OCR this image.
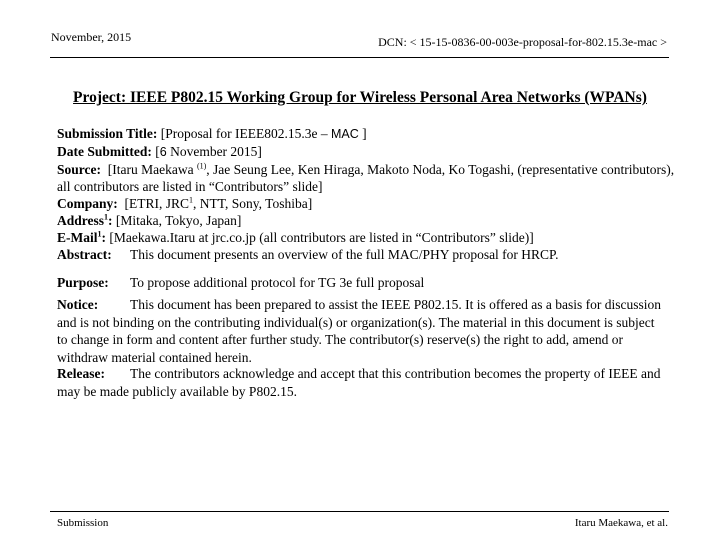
November, 2015	DCN: < 15-15-0836-00-003e-proposal-for-802.15.3e-mac >
Project: IEEE P802.15 Working Group for Wireless Personal Area Networks (WPANs)

Submission Title: [Proposal for IEEE802.15.3e – MAC ]

Date Submitted: [6 November 2015]

Source: [Itaru Maekawa $^{(1)}$, Jae Seung Lee, Ken Hiraga, Makoto Noda, Ko Togashi, (representative contributors), all contributors are listed in “Contributors” slide]

Company: [ETRI, JRC$^1$, NTT, Sony, Toshiba]

Address$^1$: [Mitaka, Tokyo, Japan]

E-Mail$^1$: [Maekawa.Itaru at jrc.co.jp (all contributors are listed in “Contributors” slide)]

Abstract: This document presents an overview of the full MAC/PHY proposal for HRCP.
Purpose: To propose additional protocol for TG 3e full proposal
Notice: This document has been prepared to assist the IEEE P802.15. It is offered as a basis for discussion and is not binding on the contributing individual(s) or organization(s). The material in this document is subject to change in form and content after further study. The contributor(s) reserve(s) the right to add, amend or withdraw material contained herein.
Release: The contributors acknowledge and accept that this contribution becomes the property of IEEE and may be made publicly available by P802.15.
Submission	Itaru Maekawa, et al.
